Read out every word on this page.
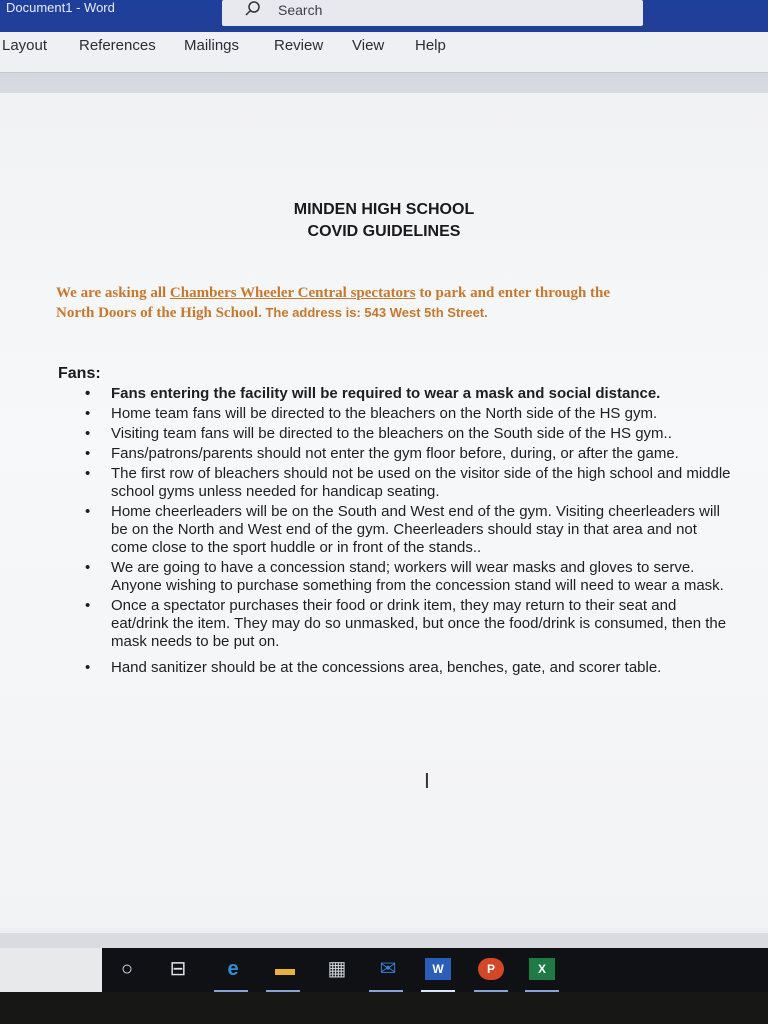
Document1 - Word	Search
Layout References Mailings Review View Help
MINDEN HIGH SCHOOL
COVID GUIDELINES
We are asking all Chambers Wheeler Central spectators to park and enter through the
North Doors of the High School. The address is: 543 West 5th Street.
Fans:
• Fans entering the facility will be required to wear a mask and social distance.
• Home team fans will be directed to the bleachers on the North side of the HS gym.
• Visiting team fans will be directed to the bleachers on the South side of the HS gym..
• Fans/patrons/parents should not enter the gym floor before, during, or after the game.
• The first row of bleachers should not be used on the visitor side of the high school and middle school gyms unless needed for handicap seating.
• Home cheerleaders will be on the South and West end of the gym. Visiting cheerleaders will be on the North and West end of the gym. Cheerleaders should stay in that area and not come close to the sport huddle or in front of the stands..
• We are going to have a concession stand; workers will wear masks and gloves to serve. Anyone wishing to purchase something from the concession stand will need to wear a mask.
• Once a spectator purchases their food or drink item, they may return to their seat and eat/drink the item. They may do so unmasked, but once the food/drink is consumed, then the mask needs to be put on.
• Hand sanitizer should be at the concessions area, benches, gate, and scorer table.
I
○	⊟	e	▬ ▦	✉	W	P	X
